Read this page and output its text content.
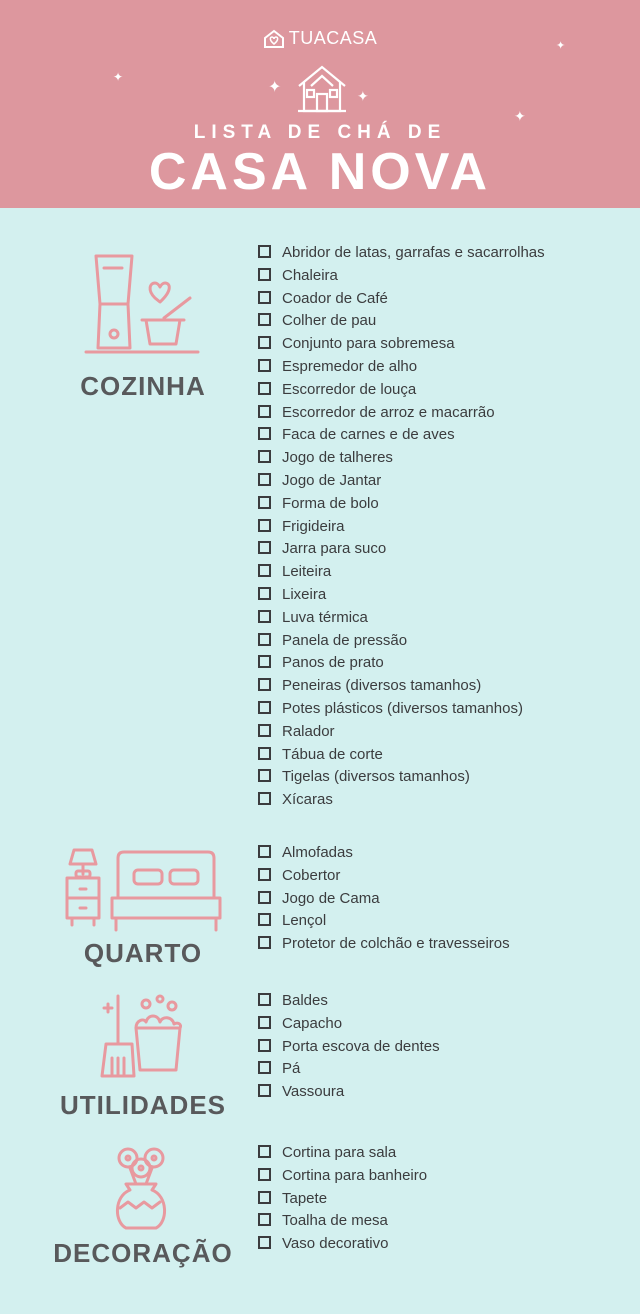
TUACASA
✦
✦	✦
✦
✦
LISTA DE CHÁ DE
CASA NOVA
COZINHA
Abridor de latas, garrafas e sacarrolhas
Chaleira
Coador de Café
Colher de pau
Conjunto para sobremesa
Espremedor de alho
Escorredor de louça
Escorredor de arroz e macarrão
Faca de carnes e de aves
Jogo de talheres
Jogo de Jantar
Forma de bolo
Frigideira
Jarra para suco
Leiteira
Lixeira
Luva térmica
Panela de pressão
Panos de prato
Peneiras (diversos tamanhos)
Potes plásticos (diversos tamanhos)
Ralador
Tábua de corte
Tigelas (diversos tamanhos)
Xícaras
QUARTO
Almofadas
Cobertor
Jogo de Cama
Lençol
Protetor de colchão e travesseiros
UTILIDADES
Baldes
Capacho
Porta escova de dentes
Pá
Vassoura
DECORAÇÃO
Cortina para sala
Cortina para banheiro
Tapete
Toalha de mesa
Vaso decorativo
